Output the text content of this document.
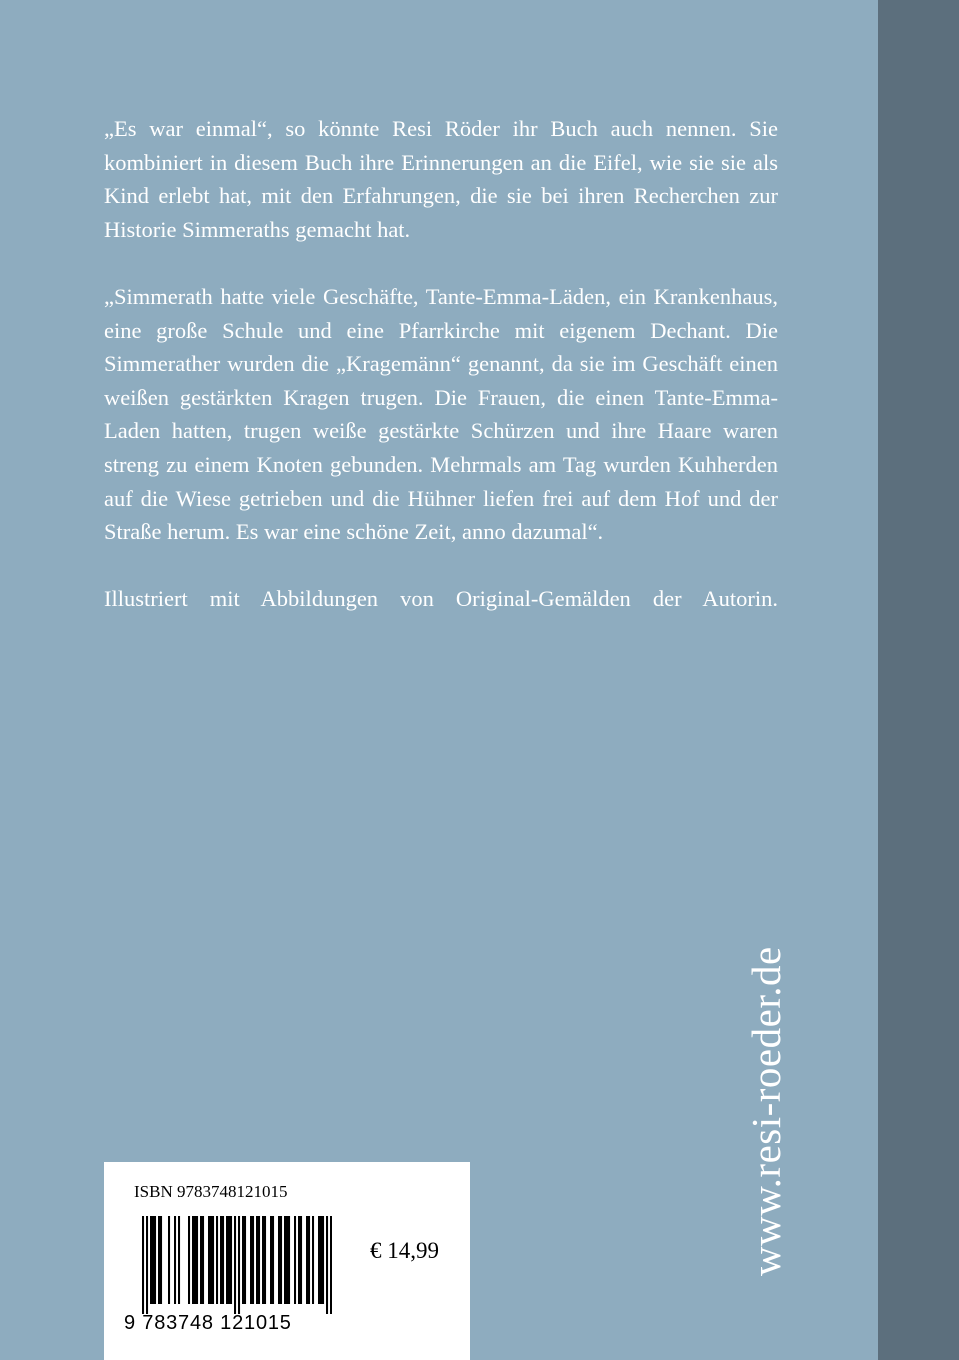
„Es war einmal“, so könnte Resi Röder ihr Buch auch nennen. Sie kombiniert in diesem Buch ihre Erinnerungen an die Eifel, wie sie sie als Kind erlebt hat, mit den Erfahrungen, die sie bei ihren Recherchen zur Historie Simmeraths gemacht hat.

„Simmerath hatte viele Geschäfte, Tante-Emma-Läden, ein Krankenhaus, eine große Schule und eine Pfarrkirche mit eigenem Dechant. Die Simmerather wurden die „Kragemänn“ genannt, da sie im Geschäft einen weißen gestärkten Kragen trugen. Die Frauen, die einen Tante-Emma-Laden hatten, trugen weiße gestärkte Schürzen und ihre Haare waren streng zu einem Knoten gebunden. Mehrmals am Tag wurden Kuhherden auf die Wiese getrieben und die Hühner liefen frei auf dem Hof und der Straße herum. Es war eine schöne Zeit, anno dazumal“.

Illustriert mit Abbildungen von Original-Gemälden der Autorin.

www.resi-roeder.de
ISBN 9783748121015
9 783748 121015
€ 14,99
